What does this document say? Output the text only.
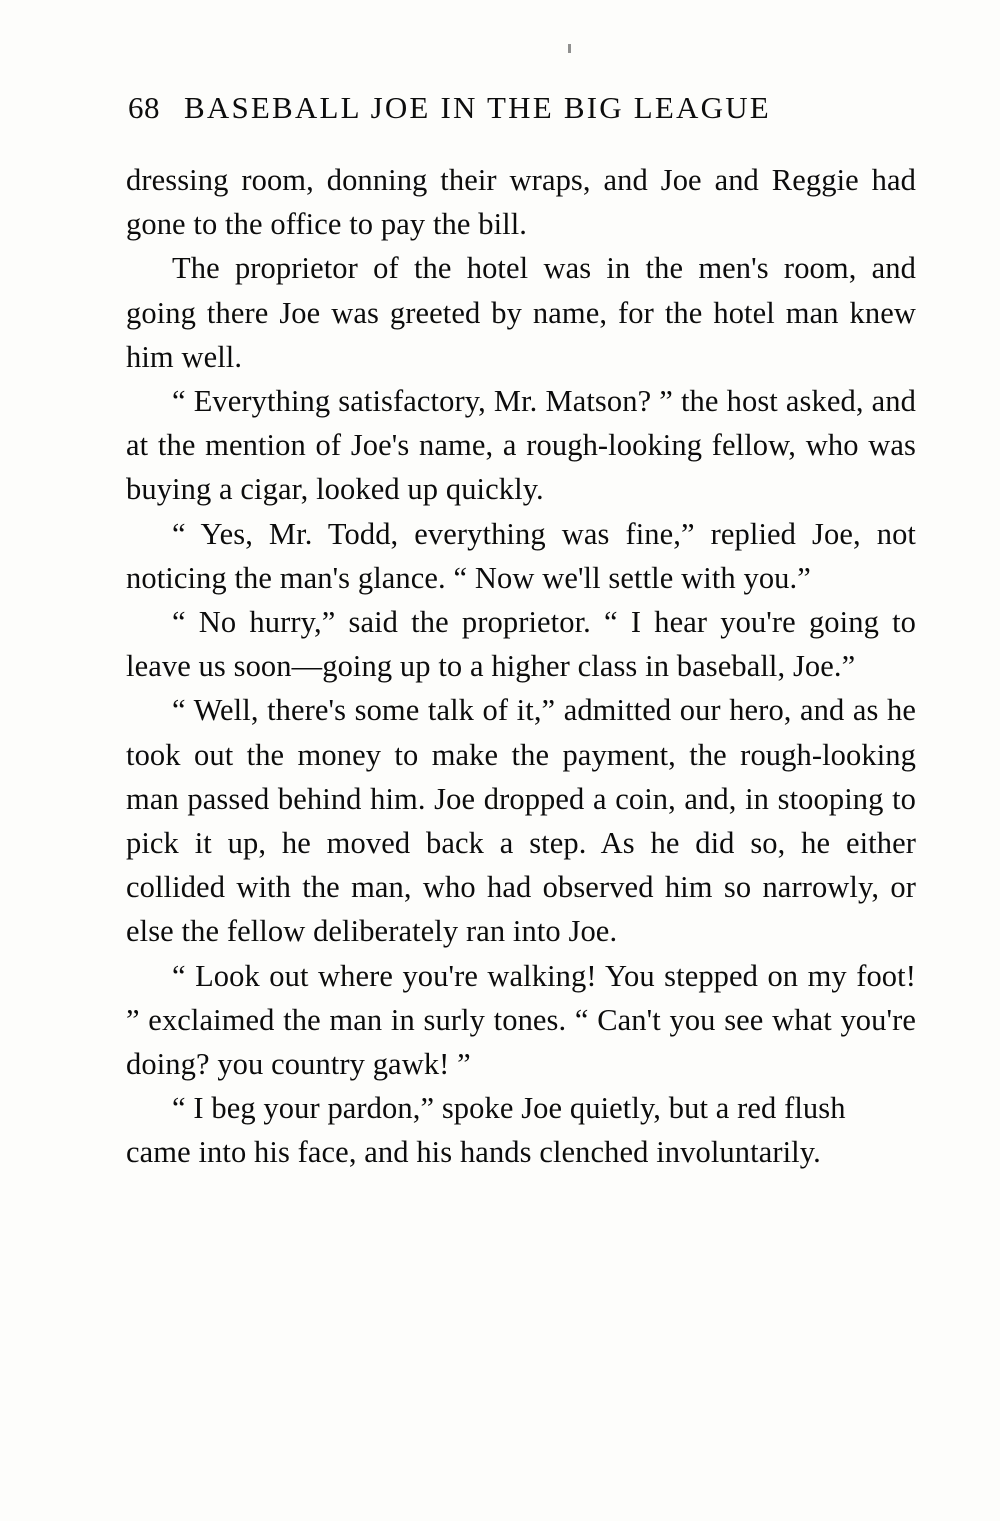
68 BASEBALL JOE IN THE BIG LEAGUE

dressing room, donning their wraps, and Joe and Reggie had gone to the office to pay the bill.

The proprietor of the hotel was in the men's room, and going there Joe was greeted by name, for the hotel man knew him well.

“ Everything satisfactory, Mr. Matson? ” the host asked, and at the mention of Joe's name, a rough-looking fellow, who was buying a cigar, looked up quickly.

“ Yes, Mr. Todd, everything was fine,” replied Joe, not noticing the man's glance. “ Now we'll settle with you.”

“ No hurry,” said the proprietor. “ I hear you're going to leave us soon—going up to a higher class in baseball, Joe.”

“ Well, there's some talk of it,” admitted our hero, and as he took out the money to make the payment, the rough-looking man passed behind him. Joe dropped a coin, and, in stooping to pick it up, he moved back a step. As he did so, he either collided with the man, who had observed him so narrowly, or else the fellow deliberately ran into Joe.

“ Look out where you're walking! You stepped on my foot! ” exclaimed the man in surly tones. “ Can't you see what you're doing? you country gawk! ”

“ I beg your pardon,” spoke Joe quietly, but a red flush came into his face, and his hands clenched involuntarily.
